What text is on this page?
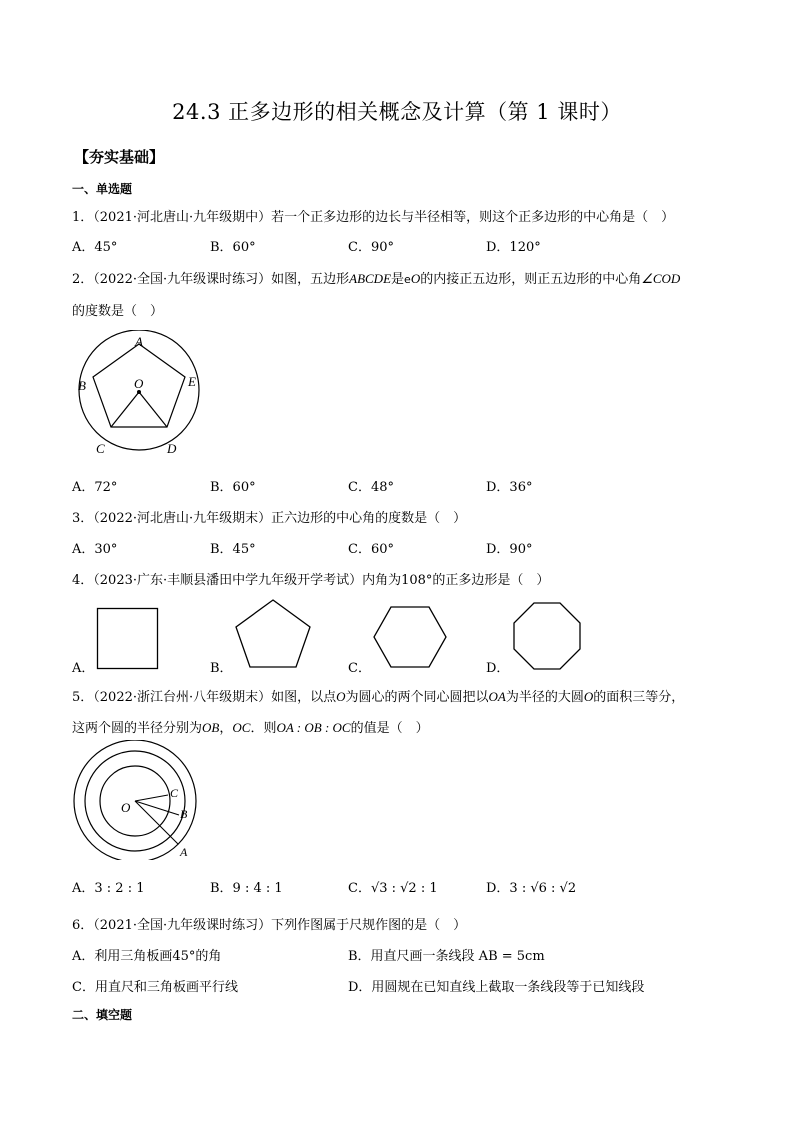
24.3 正多边形的相关概念及计算（第 1 课时）
【夯实基础】
一、单选题
1．（2021·河北唐山·九年级期中）若一个正多边形的边长与半径相等，则这个正多边形的中心角是（　）
A．45°	B．60°	C．90°	D．120°
2．（2022·全国·九年级课时练习）如图，五边形ABCDE是eO的内接正五边形，则正五边形的中心角∠COD
的度数是（　）
A
B
C	D
E
O
A．72°	B．60°	C．48°	D．36°
3．（2022·河北唐山·九年级期末）正六边形的中心角的度数是（　）
A．30°	B．45°	C．60°	D．90°
4．（2023·广东·丰顺县潘田中学九年级开学考试）内角为108°的正多边形是（　）
A．	B．	C．	D．
5．（2022·浙江台州·八年级期末）如图，以点O为圆心的两个同心圆把以OA为半径的大圆O的面积三等分，
这两个圆的半径分别为OB，OC．则OA : OB : OC的值是（　）
O
C
B
A
A．3 : 2 : 1	B．9 : 4 : 1	C．√3 : √2 : 1	D．3 : √6 : √2
6．（2021·全国·九年级课时练习）下列作图属于尺规作图的是（　）
A．利用三角板画45°的角	B．用直尺画一条线段 AB = 5cm
C．用直尺和三角板画平行线	D．用圆规在已知直线上截取一条线段等于已知线段
二、填空题
